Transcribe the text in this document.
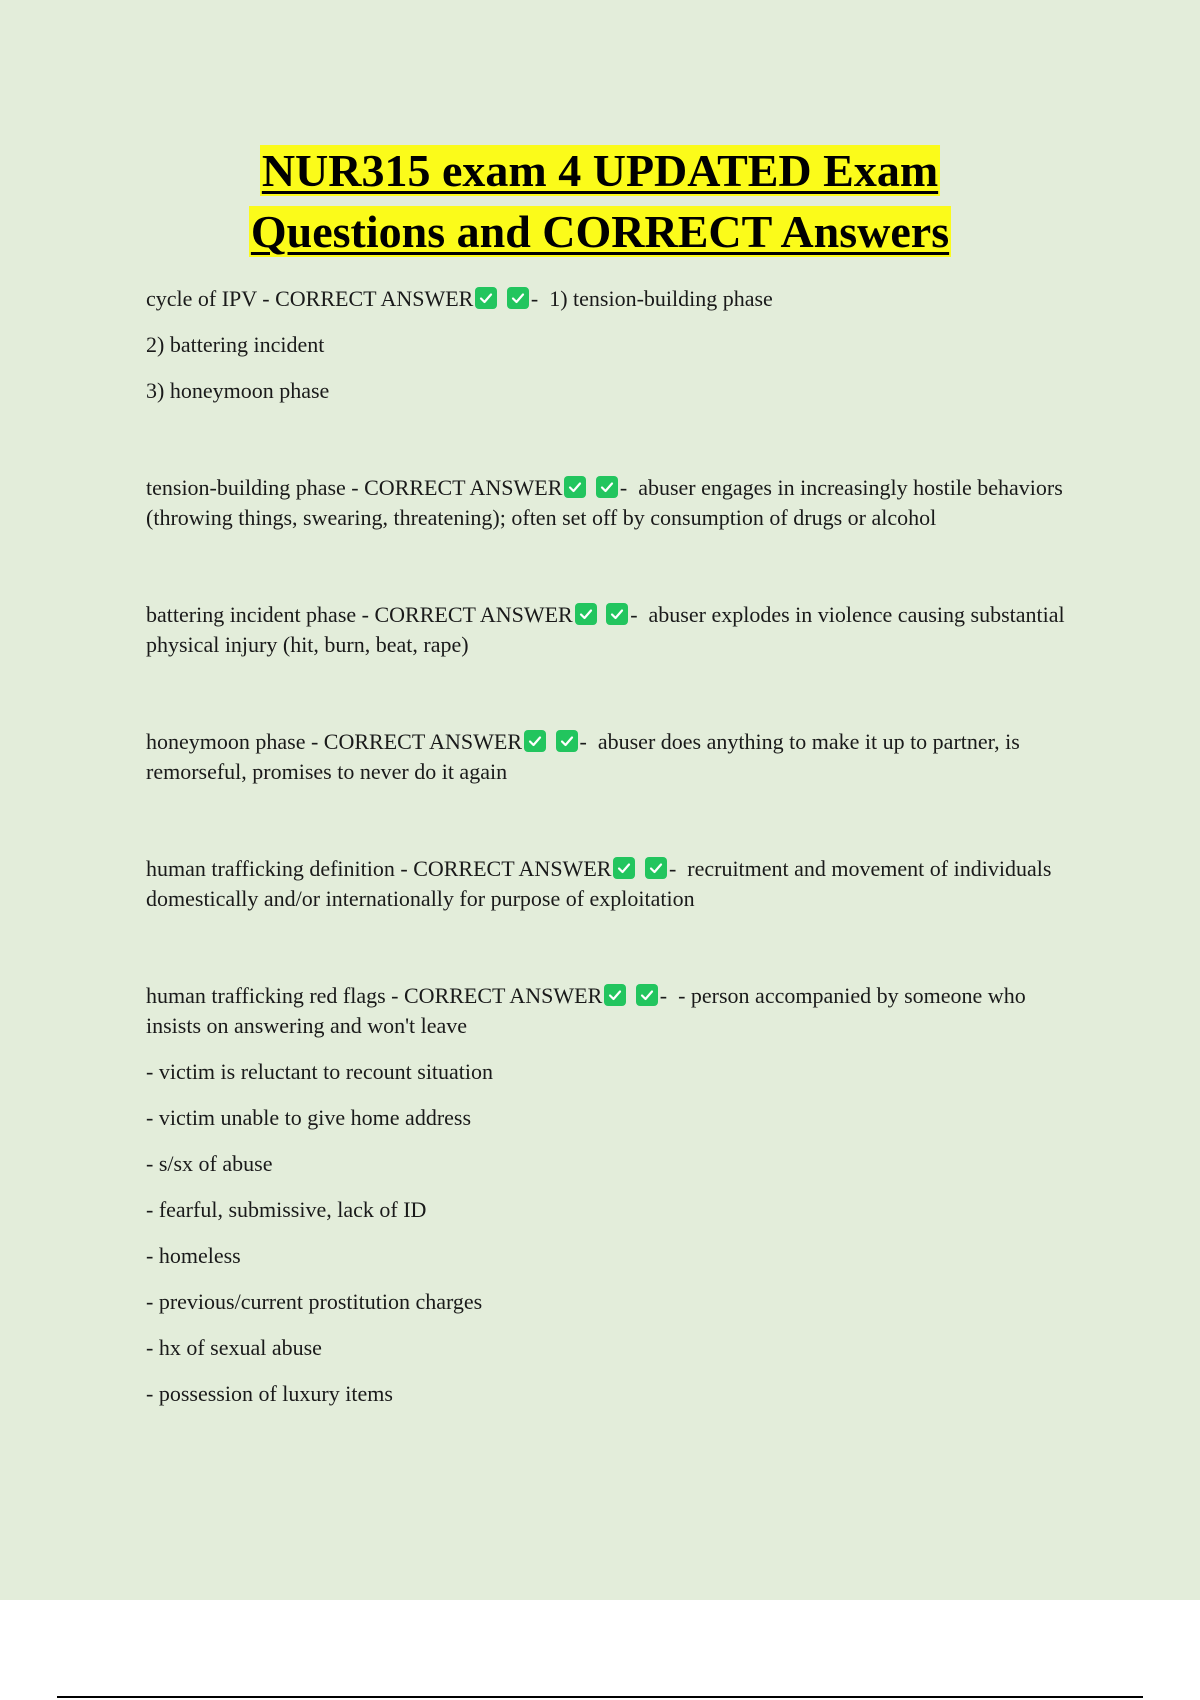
NUR315 exam 4 UPDATED Exam
Questions and CORRECT Answers

cycle of IPV - CORRECT ANSWER
	-  1) tension-building phase

2) battering incident

3) honeymoon phase

tension-building phase - CORRECT ANSWER
	-  abuser engages in increasingly hostile behaviors (throwing things, swearing, threatening); often set off by consumption of drugs or alcohol

battering incident phase - CORRECT ANSWER
	-  abuser explodes in violence causing substantial physical injury (hit, burn, beat, rape)

honeymoon phase - CORRECT ANSWER
	-  abuser does anything to make it up to partner, is remorseful, promises to never do it again

human trafficking definition - CORRECT ANSWER
	-  recruitment and movement of individuals domestically and/or internationally for purpose of exploitation

human trafficking red flags - CORRECT ANSWER
	-  - person accompanied by someone who insists on answering and won't leave

- victim is reluctant to recount situation

- victim unable to give home address

- s/sx of abuse

- fearful, submissive, lack of ID

- homeless

- previous/current prostitution charges

- hx of sexual abuse

- possession of luxury items
